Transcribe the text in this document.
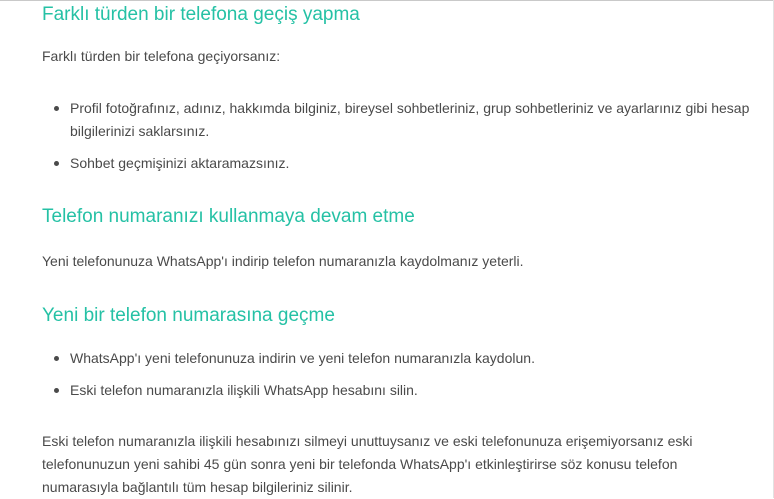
Farklı türden bir telefona geçiş yapma

Farklı türden bir telefona geçiyorsanız:

Profil fotoğrafınız, adınız, hakkımda bilginiz, bireysel sohbetleriniz, grup sohbetleriniz ve ayarlarınız gibi hesap bilgilerinizi saklarsınız.
Sohbet geçmişinizi aktaramazsınız.
Telefon numaranızı kullanmaya devam etme

Yeni telefonunuza WhatsApp'ı indirip telefon numaranızla kaydolmanız yeterli.

Yeni bir telefon numarasına geçme
WhatsApp'ı yeni telefonunuza indirin ve yeni telefon numaranızla kaydolun.
Eski telefon numaranızla ilişkili WhatsApp hesabını silin.

Eski telefon numaranızla ilişkili hesabınızı silmeyi unuttuysanız ve eski telefonunuza erişemiyorsanız eski telefonunuzun yeni sahibi 45 gün sonra yeni bir telefonda WhatsApp'ı etkinleştirirse söz konusu telefon numarasıyla bağlantılı tüm hesap bilgileriniz silinir.
